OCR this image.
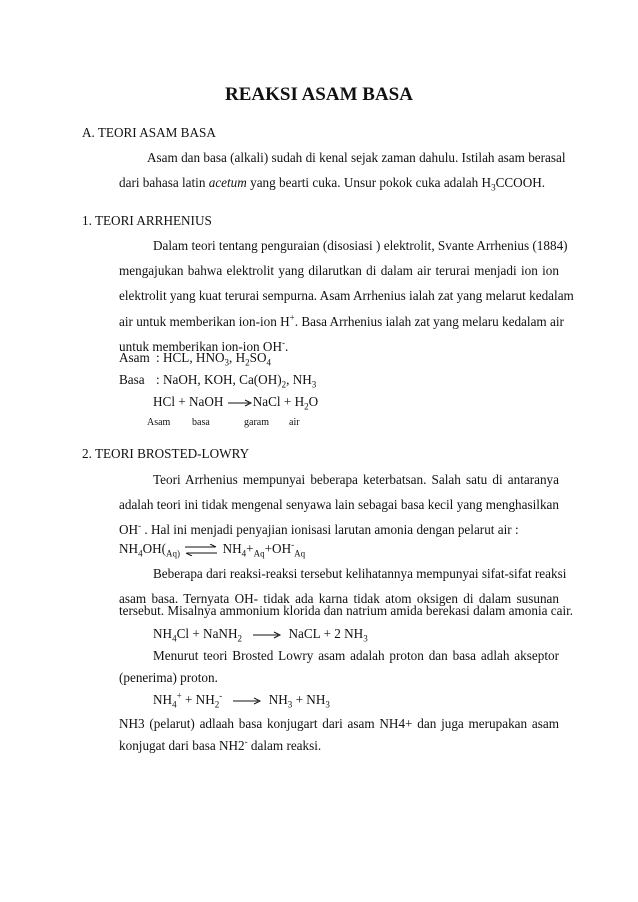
REAKSI ASAM BASA
A. TEORI ASAM BASA
Asam dan basa (alkali) sudah di kenal sejak zaman dahulu. Istilah asam berasal
dari bahasa latin acetum yang bearti cuka. Unsur pokok cuka adalah $H_3CCOOH$.
1. TEORI ARRHENIUS
Dalam teori tentang penguraian (disosiasi ) elektrolit, Svante Arrhenius (1884)
mengajukan bahwa elektrolit yang dilarutkan di dalam air terurai menjadi ion ion
elektrolit yang kuat terurai sempurna. Asam Arrhenius ialah zat yang melarut kedalam
air untuk memberikan ion-ion H+. Basa Arrhenius ialah zat yang melaru kedalam air
untuk memberikan ion-ion OH-.
Asam : HCL, $HNO_3$, $H_2SO_4$
Basa : NaOH, KOH, $Ca(OH)_2$, $NH_3$
HCl + NaOH NaCl + $H_2O$
Asam basa	garam air
2. TEORI BROSTED-LOWRY
Teori Arrhenius mempunyai beberapa keterbatsan. Salah satu di antaranya
adalah teori ini tidak mengenal senyawa lain sebagai basa kecil yang menghasilkan
OH- . Hal ini menjadi penyajian ionisasi larutan amonia dengan pelarut air :
$NH_4OH(_{Aq)}$ ⇌ $NH_4+_{Aq}+OH^-_{Aq}$
Beberapa dari reaksi-reaksi tersebut kelihatannya mempunyai sifat-sifat reaksi
asam basa. Ternyata OH- tidak ada karna tidak atom oksigen di dalam susunan
tersebut. Misalnya ammonium klorida dan natrium amida berekasi dalam amonia cair.
$NH_4Cl$ + NaNH$_2$	NaCL + 2 $NH_3$
Menurut teori Brosted Lowry asam adalah proton dan basa adlah akseptor
(penerima) proton.
$NH_4^+ + NH_2^-$	$NH_3 + NH_3$
NH3 (pelarut) adlaah basa konjugart dari asam NH4+ dan juga merupakan asam
konjugat dari basa NH2- dalam reaksi.
